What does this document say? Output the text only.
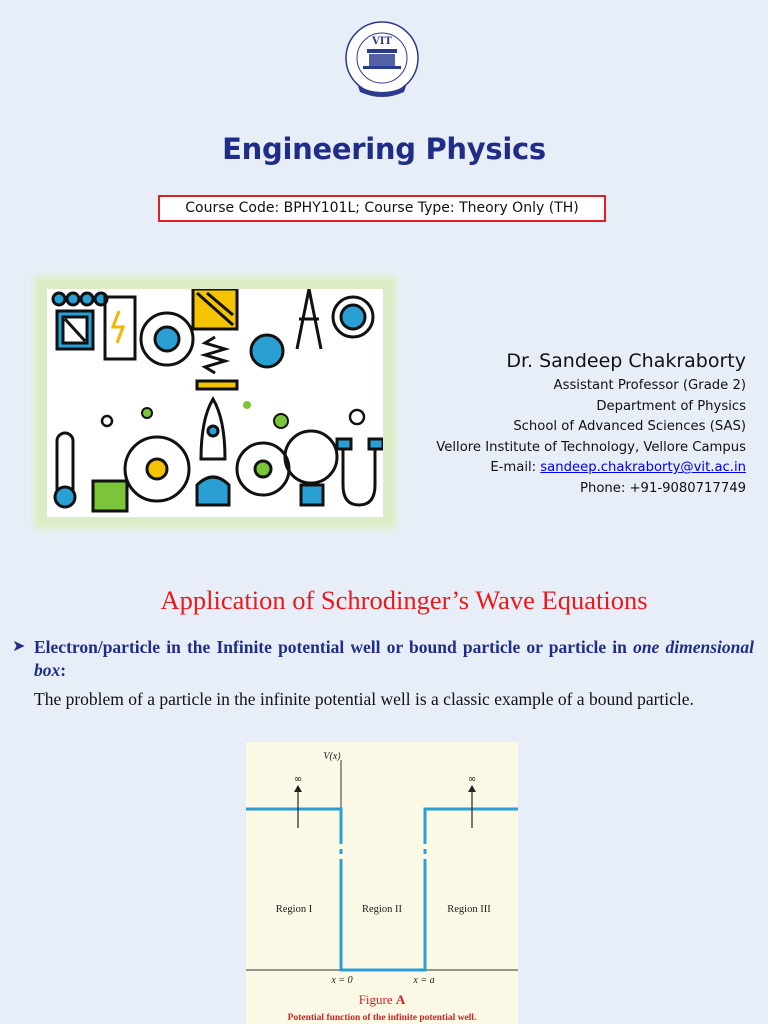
VIT
Engineering Physics
Course Code: BPHY101L; Course Type: Theory Only (TH)
Dr. Sandeep Chakraborty
Assistant Professor (Grade 2)
Department of Physics
School of Advanced Sciences (SAS)
Vellore Institute of Technology, Vellore Campus
E-mail: sandeep.chakraborty@vit.ac.in
Phone: +91-9080717749
Application of Schrodinger’s Wave Equations
➤ Electron/particle in the Infinite potential well or bound particle or particle in one dimensional box:
The problem of a particle in the infinite potential well is a classic example of a bound particle.
V(x)
∞	∞
Region I	Region II	Region III
x = 0	x = a
Figure A
Potential function of the infinite potential well.
